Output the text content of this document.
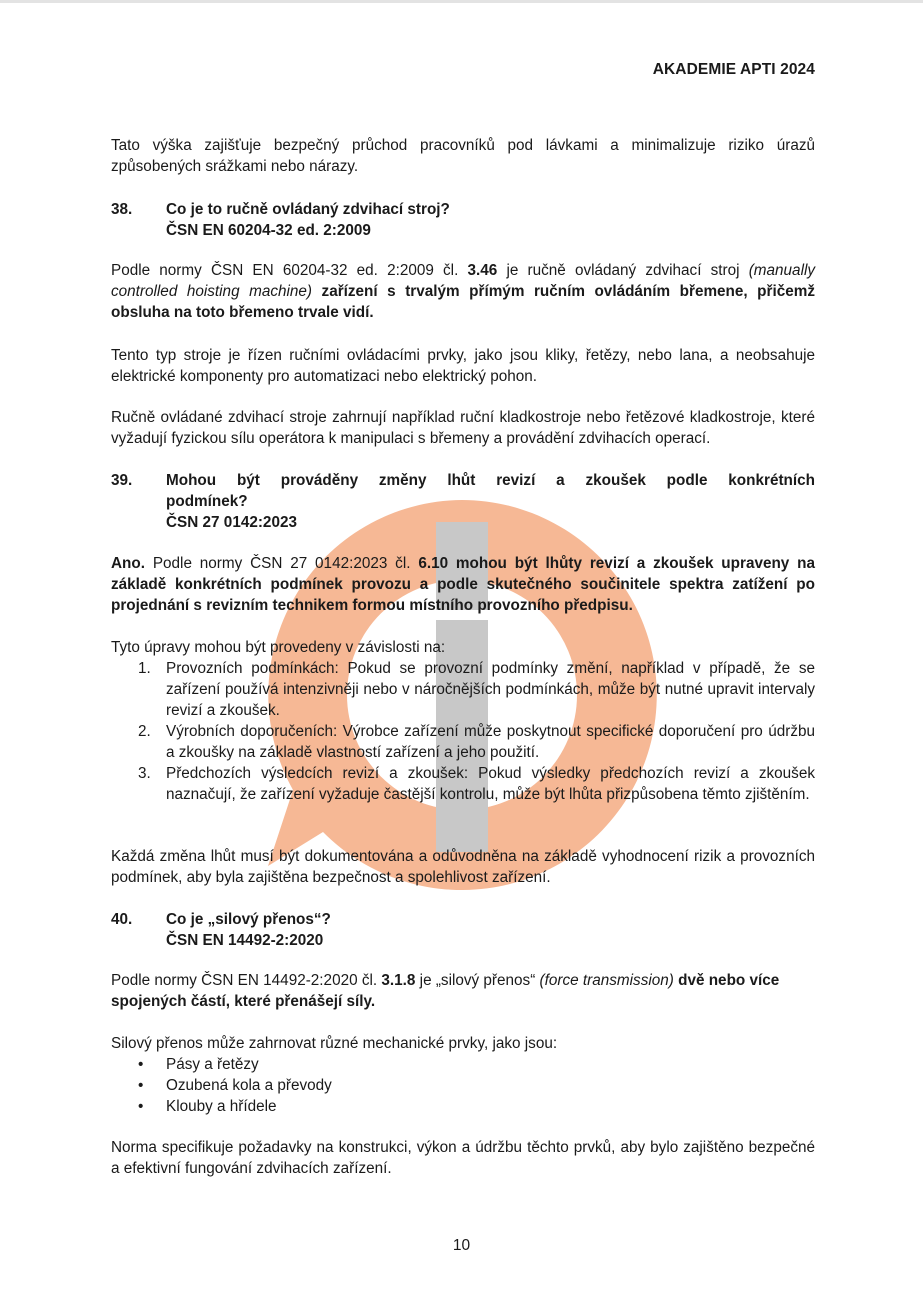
AKADEMIE APTI 2024
Tato výška zajišťuje bezpečný průchod pracovníků pod lávkami a minimalizuje riziko úrazů způsobených srážkami nebo nárazy.
38. Co je to ručně ovládaný zdvihací stroj?
ČSN EN 60204-32 ed. 2:2009
Podle normy ČSN EN 60204-32 ed. 2:2009 čl. 3.46 je ručně ovládaný zdvihací stroj (manually controlled hoisting machine) zařízení s trvalým přímým ručním ovládáním břemene, přičemž obsluha na toto břemeno trvale vidí.
Tento typ stroje je řízen ručními ovládacími prvky, jako jsou kliky, řetězy, nebo lana, a neobsahuje elektrické komponenty pro automatizaci nebo elektrický pohon.
Ručně ovládané zdvihací stroje zahrnují například ruční kladkostroje nebo řetězové kladkostroje, které vyžadují fyzickou sílu operátora k manipulaci s břemeny a provádění zdvihacích operací.
39. Mohou být prováděny změny lhůt revizí a zkoušek podle konkrétních
podmínek?
ČSN 27 0142:2023
Ano. Podle normy ČSN 27 0142:2023 čl. 6.10 mohou být lhůty revizí a zkoušek upraveny na základě konkrétních podmínek provozu a podle skutečného součinitele spektra zatížení po projednání s revizním technikem formou místního provozního předpisu.
Tyto úpravy mohou být provedeny v závislosti na:
1. Provozních podmínkách: Pokud se provozní podmínky změní, například v případě, že se zařízení používá intenzivněji nebo v náročnějších podmínkách, může být nutné upravit intervaly revizí a zkoušek.
2. Výrobních doporučeních: Výrobce zařízení může poskytnout specifické doporučení pro údržbu a zkoušky na základě vlastností zařízení a jeho použití.
3. Předchozích výsledcích revizí a zkoušek: Pokud výsledky předchozích revizí a zkoušek naznačují, že zařízení vyžaduje častější kontrolu, může být lhůta přizpůsobena těmto zjištěním.
Každá změna lhůt musí být dokumentována a odůvodněna na základě vyhodnocení rizik a provozních podmínek, aby byla zajištěna bezpečnost a spolehlivost zařízení.
40. Co je „silový přenos“?
ČSN EN 14492-2:2020
Podle normy ČSN EN 14492-2:2020 čl. 3.1.8 je „silový přenos“ (force transmission) dvě nebo více spojených částí, které přenášejí síly.
Silový přenos může zahrnovat různé mechanické prvky, jako jsou:
• Pásy a řetězy
• Ozubená kola a převody
• Klouby a hřídele
Norma specifikuje požadavky na konstrukci, výkon a údržbu těchto prvků, aby bylo zajištěno bezpečné a efektivní fungování zdvihacích zařízení.
10
